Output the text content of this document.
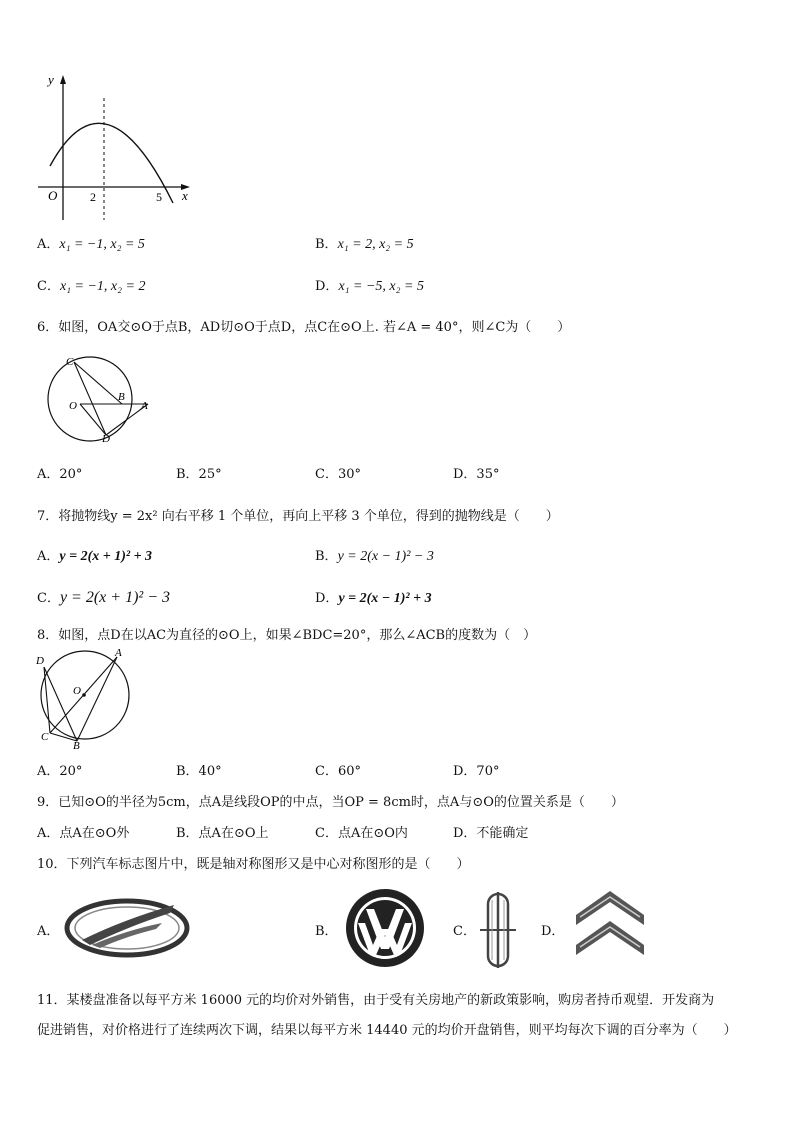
y
x
O	2	5
A．x₁ = −1, x₂ = 5	B．x₁ = 2, x₂ = 5
C．x₁ = −1, x₂ = 2	D．x₁ = −5, x₂ = 5
6．如图，OA交⊙O于点B，AD切⊙O于点D，点C在⊙O上. 若∠A = 40°，则∠C为（　　）
C
O
B
A
D
A．20°	B．25°	C．30°	D．35°
7．将抛物线y = 2x² 向右平移 1 个单位，再向上平移 3 个单位，得到的抛物线是（　　）
A．y = 2(x + 1)² + 3	B．y = 2(x − 1)² − 3
C．y = 2(x + 1)² − 3	D．y = 2(x − 1)² + 3
8．如图，点D在以AC为直径的⊙O上，如果∠BDC=20°，那么∠ACB的度数为（　）
D
A
O
C
B
A．20°	B．40°	C．60°	D．70°
9．已知⊙O的半径为5cm，点A是线段OP的中点，当OP = 8cm时，点A与⊙O的位置关系是（　　）
A．点A在⊙O外	B．点A在⊙O上	C．点A在⊙O内	D．不能确定
10．下列汽车标志图片中，既是轴对称图形又是中心对称图形的是（　　）
A．	B．	C．	D．
11．某楼盘准备以每平方米 16000 元的均价对外销售，由于受有关房地产的新政策影响，购房者持币观望．开发商为
促进销售，对价格进行了连续两次下调，结果以每平方米 14440 元的均价开盘销售，则平均每次下调的百分率为（　　）
